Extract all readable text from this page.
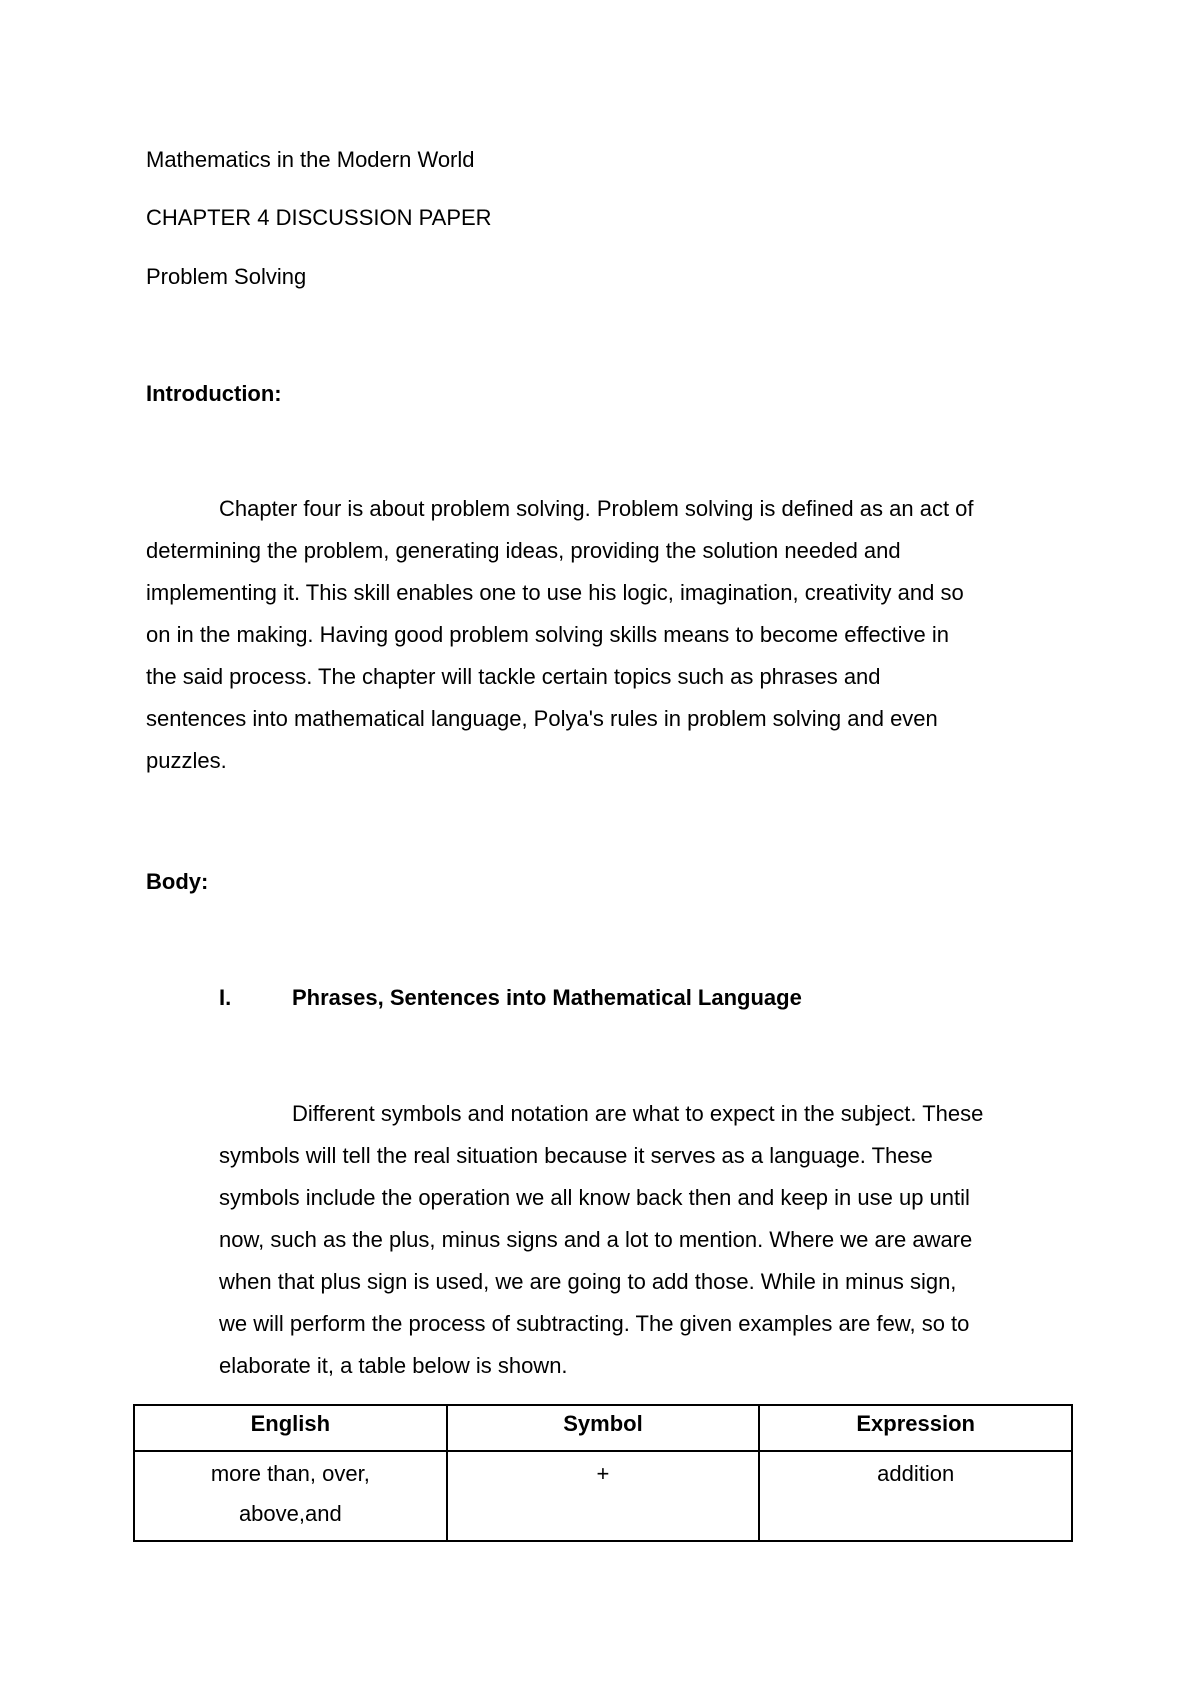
Mathematics in the Modern World
CHAPTER 4 DISCUSSION PAPER
Problem Solving
Introduction:
Chapter four is about problem solving. Problem solving is defined as an act of
determining the problem, generating ideas, providing the solution needed and
implementing it. This skill enables one to use his logic, imagination, creativity and so
on in the making. Having good problem solving skills means to become effective in
the said process. The chapter will tackle certain topics such as phrases and
sentences into mathematical language, Polya's rules in problem solving and even
puzzles.
Body:
I.	Phrases, Sentences into Mathematical Language
Different symbols and notation are what to expect in the subject. These
symbols will tell the real situation because it serves as a language. These
symbols include the operation we all know back then and keep in use up until
now, such as the plus, minus signs and a lot to mention. Where we are aware
when that plus sign is used, we are going to add those. While in minus sign,
we will perform the process of subtracting. The given examples are few, so to
elaborate it, a table below is shown.
English	Symbol	Expression

more than, over,
above,and	+	addition
